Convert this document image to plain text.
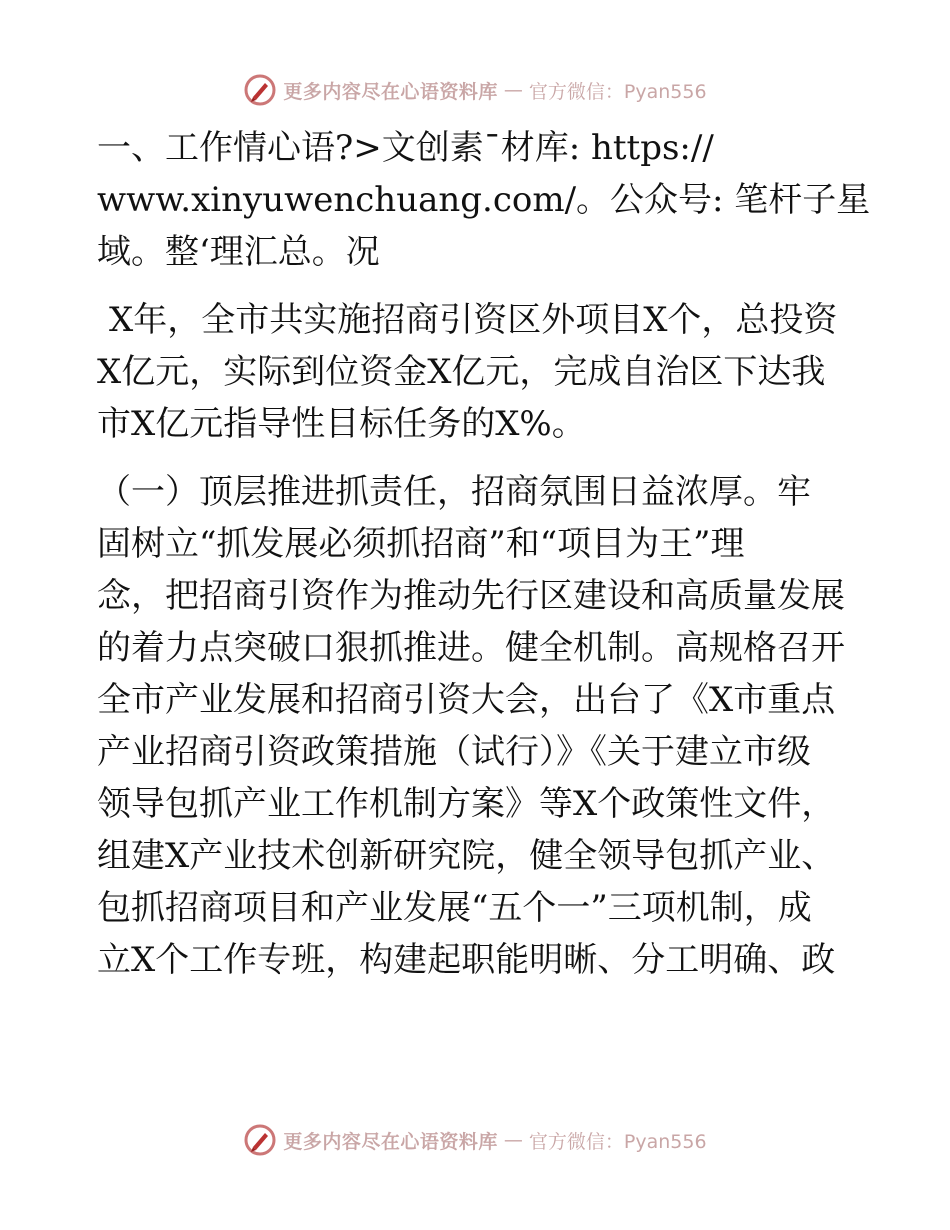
更多内容尽在心语资料库 — 官方微信：Pyan556

一、工作情心语?>文创素¯材库: https://
www.xinyuwenchuang.com/。公众号: 笔杆子星
域。整‘理汇总。况

X年，全市共实施招商引资区外项目X个，总投资
X亿元，实际到位资金X亿元，完成自治区下达我
市X亿元指导性目标任务的X%。

（一）顶层推进抓责任，招商氛围日益浓厚。牢
固树立“抓发展必须抓招商”和“项目为王”理
念，把招商引资作为推动先行区建设和高质量发展
的着力点突破口狠抓推进。健全机制。高规格召开
全市产业发展和招商引资大会，出台了《X市重点
产业招商引资政策措施（试行）》《关于建立市级
领导包抓产业工作机制方案》等X个政策性文件，
组建X产业技术创新研究院，健全领导包抓产业、
包抓招商项目和产业发展“五个一”三项机制，成
立X个工作专班，构建起职能明晰、分工明确、政

更多内容尽在心语资料库 — 官方微信：Pyan556
